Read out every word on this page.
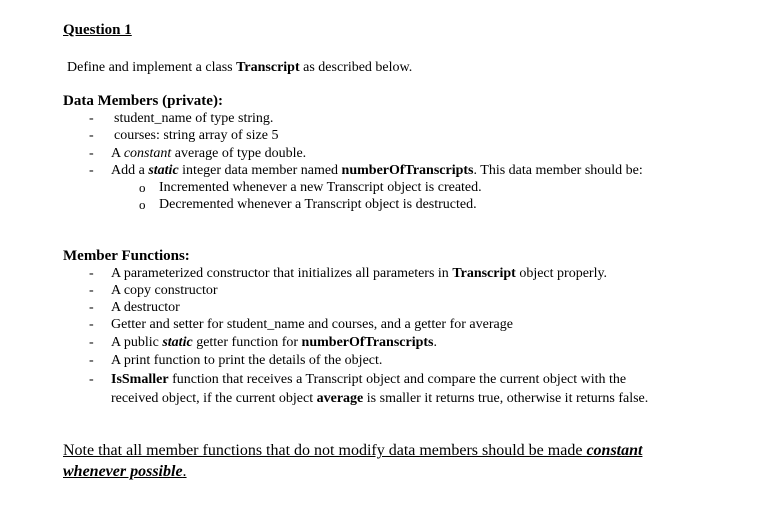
Question 1
Define and implement a class Transcript as described below.
Data Members (private):
- student_name of type string.
- courses: string array of size 5
- A constant average of type double.
- Add a static integer data member named numberOfTranscripts. This data member should be:
o Incremented whenever a new Transcript object is created.
o Decremented whenever a Transcript object is destructed.
Member Functions:
- A parameterized constructor that initializes all parameters in Transcript object properly.
- A copy constructor
- A destructor
- Getter and setter for student_name and courses, and a getter for average
- A public static getter function for numberOfTranscripts.
- A print function to print the details of the object.
- IsSmaller function that receives a Transcript object and compare the current object with the
received object, if the current object average is smaller it returns true, otherwise it returns false.
Note that all member functions that do not modify data members should be made constant
whenever possible.
